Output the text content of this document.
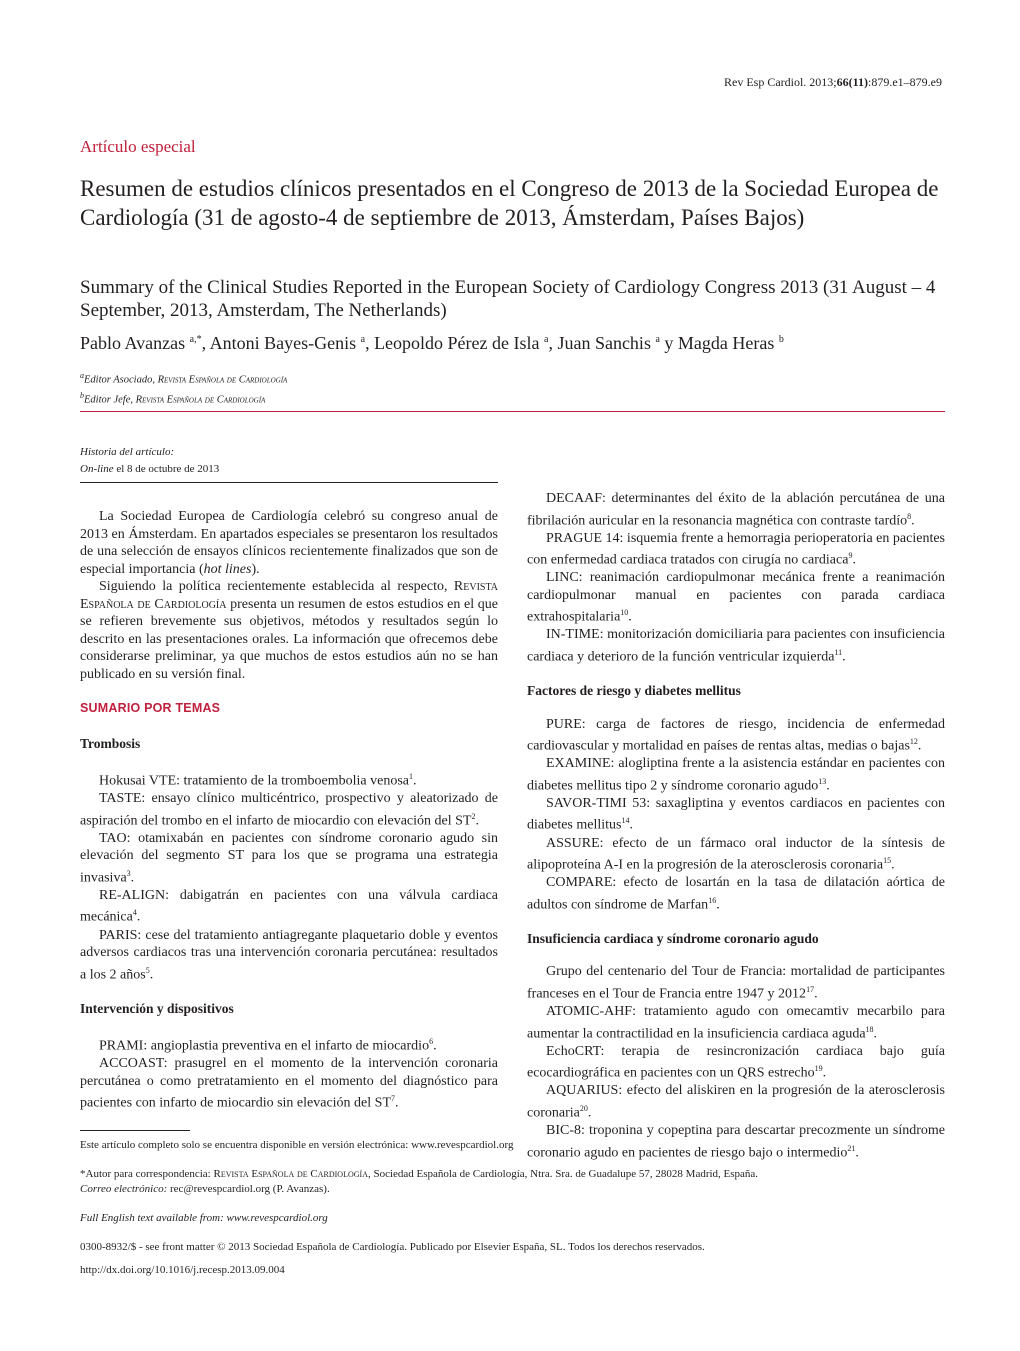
Rev Esp Cardiol. 2013;66(11):879.e1–879.e9
Artículo especial
Resumen de estudios clínicos presentados en el Congreso de 2013 de la Sociedad Europea de Cardiología (31 de agosto-4 de septiembre de 2013, Ámsterdam, Países Bajos)
Summary of the Clinical Studies Reported in the European Society of Cardiology Congress 2013 (31 August – 4 September, 2013, Amsterdam, The Netherlands)
Pablo Avanzas $^{a,*}$, Antoni Bayes-Genis $^a$, Leopoldo Pérez de Isla $^a$, Juan Sanchis $^a$ y Magda Heras $^b$
$^a$Editor Asociado, Revista Española de Cardiología
$^b$Editor Jefe, Revista Española de Cardiología
Historia del artículo:
On-line el 8 de octubre de 2013

La Sociedad Europea de Cardiología celebró su congreso anual de 2013 en Ámsterdam. En apartados especiales se presentaron los resultados de una selección de ensayos clínicos recientemente finalizados que son de especial importancia (hot lines).

Siguiendo la política recientemente establecida al respecto, Revista Española de Cardiología presenta un resumen de estos estudios en el que se refieren brevemente sus objetivos, métodos y resultados según lo descrito en las presentaciones orales. La información que ofrecemos debe considerarse preliminar, ya que muchos de estos estudios aún no se han publicado en su versión final.

SUMARIO POR TEMAS
Trombosis

Hokusai VTE: tratamiento de la tromboembolia venosa$^1$.

TASTE: ensayo clínico multicéntrico, prospectivo y aleatorizado de aspiración del trombo en el infarto de miocardio con elevación del $ST^2$.

TAO: otamixabán en pacientes con síndrome coronario agudo sin elevación del segmento ST para los que se programa una estrategia invasiva$^3$.

RE-ALIGN: dabigatrán en pacientes con una válvula cardiaca mecánica$^4$.

PARIS: cese del tratamiento antiagregante plaquetario doble y eventos adversos cardiacos tras una intervención coronaria percutánea: resultados a los 2 años$^5$.

Intervención y dispositivos

PRAMI: angioplastia preventiva en el infarto de miocardio$^6$.

ACCOAST: prasugrel en el momento de la intervención coronaria percutánea o como pretratamiento en el momento del diagnóstico para pacientes con infarto de miocardio sin elevación del $ST^7$.

DECAAF: determinantes del éxito de la ablación percutánea de una fibrilación auricular en la resonancia magnética con contraste tardío$^8$.

PRAGUE 14: isquemia frente a hemorragia perioperatoria en pacientes con enfermedad cardiaca tratados con cirugía no cardiaca$^9$.

LINC: reanimación cardiopulmonar mecánica frente a reanimación cardiopulmonar manual en pacientes con parada cardiaca extrahospitalaria$^{10}$.

IN-TIME: monitorización domiciliaria para pacientes con insuficiencia cardiaca y deterioro de la función ventricular izquierda$^{11}$.

Factores de riesgo y diabetes mellitus

PURE: carga de factores de riesgo, incidencia de enfermedad cardiovascular y mortalidad en países de rentas altas, medias o bajas$^{12}$.

EXAMINE: alogliptina frente a la asistencia estándar en pacientes con diabetes mellitus tipo 2 y síndrome coronario agudo$^{13}$.

SAVOR-TIMI 53: saxagliptina y eventos cardiacos en pacientes con diabetes mellitus$^{14}$.

ASSURE: efecto de un fármaco oral inductor de la síntesis de alipoproteína A-I en la progresión de la aterosclerosis coronaria$^{15}$.

COMPARE: efecto de losartán en la tasa de dilatación aórtica de adultos con síndrome de Marfan$^{16}$.

Insuficiencia cardiaca y síndrome coronario agudo

Grupo del centenario del Tour de Francia: mortalidad de participantes franceses en el Tour de Francia entre 1947 y 2012$^{17}$.

ATOMIC-AHF: tratamiento agudo con omecamtiv mecarbilo para aumentar la contractilidad en la insuficiencia cardiaca aguda$^{18}$.

EchoCRT: terapia de resincronización cardiaca bajo guía ecocardiográfica en pacientes con un QRS estrecho$^{19}$.

AQUARIUS: efecto del aliskiren en la progresión de la aterosclerosis coronaria$^{20}$.

BIC-8: troponina y copeptina para descartar precozmente un síndrome coronario agudo en pacientes de riesgo bajo o intermedio$^{21}$.

Este artículo completo solo se encuentra disponible en versión electrónica: www.revespcardiol.org
*Autor para correspondencia: Revista Española de Cardiología, Sociedad Española de Cardiología, Ntra. Sra. de Guadalupe 57, 28028 Madrid, España.
Correo electrónico: rec@revespcardiol.org (P. Avanzas).
Full English text available from: www.revespcardiol.org
0300-8932/$ - see front matter © 2013 Sociedad Española de Cardiología. Publicado por Elsevier España, SL. Todos los derechos reservados.
http://dx.doi.org/10.1016/j.recesp.2013.09.004
